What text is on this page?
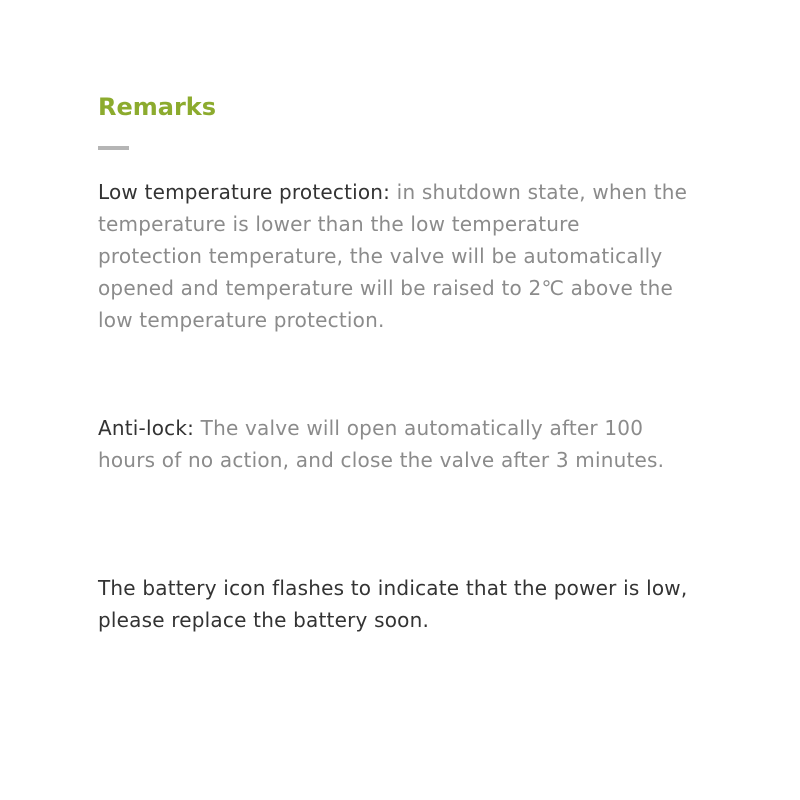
Remarks

Low temperature protection: in shutdown state, when the temperature is lower than the low temperature protection temperature, the valve will be automatically opened and temperature will be raised to 2℃ above the low temperature protection.

Anti-lock: The valve will open automatically after 100 hours of no action, and close the valve after 3 minutes.

The battery icon flashes to indicate that the power is low, please replace the battery soon.
